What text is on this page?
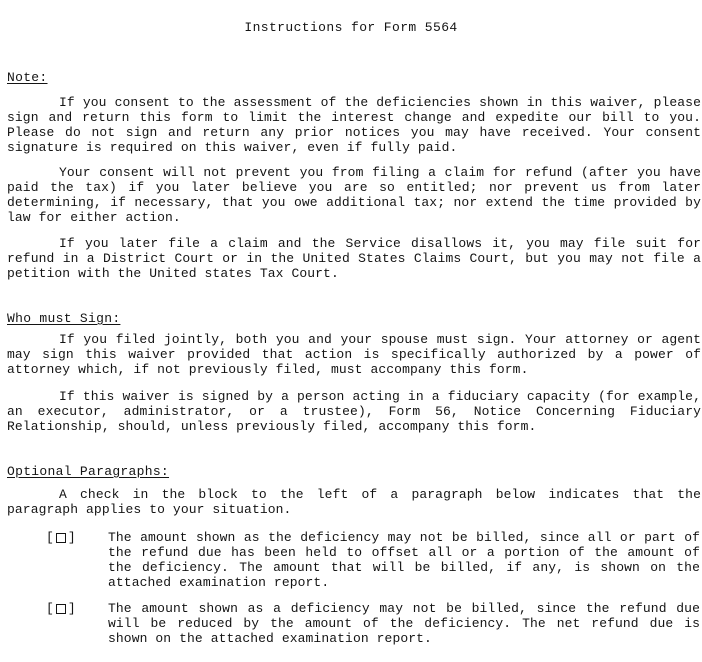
Instructions for Form 5564
Note:
If you consent to the assessment of the deficiencies shown in this waiver, please sign and return this form to limit the interest change and expedite our bill to you. Please do not sign and return any prior notices you may have received. Your consent signature is required on this waiver, even if fully paid.
Your consent will not prevent you from filing a claim for refund (after you have paid the tax) if you later believe you are so entitled; nor prevent us from later determining, if necessary, that you owe additional tax; nor extend the time provided by law for either action.
If you later file a claim and the Service disallows it, you may file suit for refund in a District Court or in the United States Claims Court, but you may not file a petition with the United states Tax Court.
Who must Sign:
If you filed jointly, both you and your spouse must sign. Your attorney or agent may sign this waiver provided that action is specifically authorized by a power of attorney which, if not previously filed, must accompany this form.
If this waiver is signed by a person acting in a fiduciary capacity (for example, an executor, administrator, or a trustee), Form 56, Notice Concerning Fiduciary Relationship, should, unless previously filed, accompany this form.
Optional Paragraphs:
A check in the block to the left of a paragraph below indicates that the paragraph applies to your situation.
[ ] The amount shown as the deficiency may not be billed, since all or part of the refund due has been held to offset all or a portion of the amount of the deficiency. The amount that will be billed, if any, is shown on the attached examination report.
[ ] The amount shown as a deficiency may not be billed, since the refund due will be reduced by the amount of the deficiency. The net refund due is shown on the attached examination report.
